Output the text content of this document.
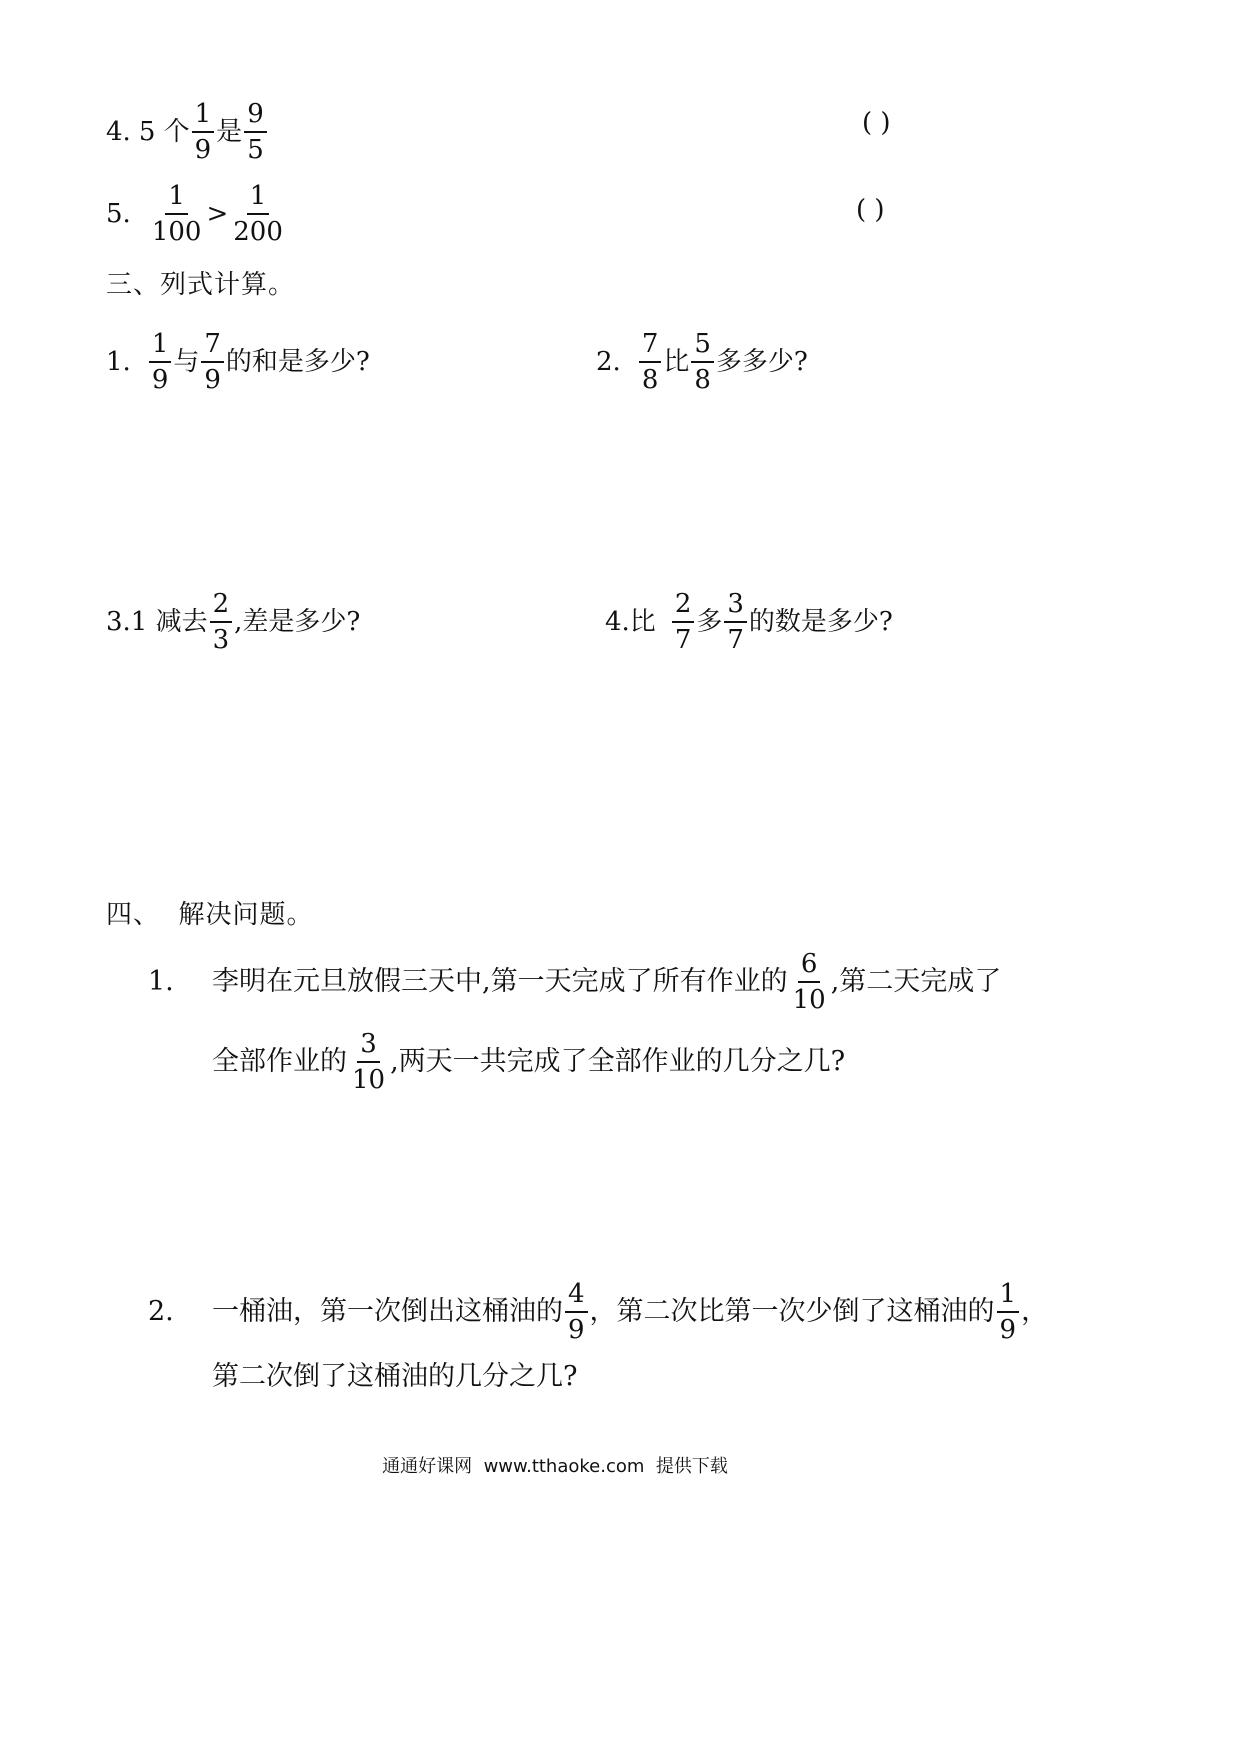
4. 5 个 $\frac{1}{9}$ 是 $\frac{9}{5}$	( )
5. $\frac{1}{100} > \frac{1}{200}$	( )
三、列式计算。
1. $\frac{1}{9}$ 与 $\frac{7}{9}$ 的和是多少?	2. $\frac{7}{8}$ 比 $\frac{5}{8}$ 多多少?
3.1 减去 $\frac{2}{3}$ ,差是多少?	4.比 $\frac{2}{7}$ 多 $\frac{3}{7}$ 的数是多少?
四、  解决问题。
1.	李明在元旦放假三天中,第一天完成了所有作业的 $\frac{6}{10}$ ,第二天完成了
全部作业的 $\frac{3}{10}$ ,两天一共完成了全部作业的几分之几?
2.	一桶油，第一次倒出这桶油的 $\frac{4}{9}$ ，第二次比第一次少倒了这桶油的 $\frac{1}{9}$ ，
第二次倒了这桶油的几分之几?
通通好课网  www.tthaoke.com  提供下载
